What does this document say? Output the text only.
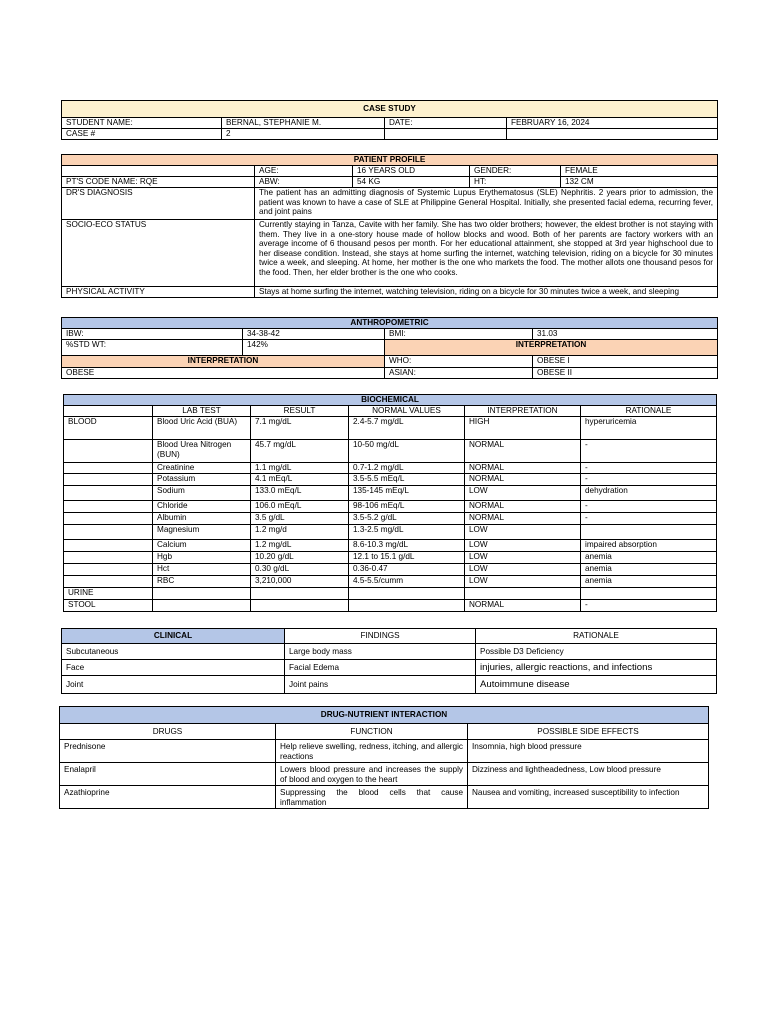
CASE STUDY			
STUDENT NAME:	BERNAL, STEPHANIE M.	DATE:	FEBRUARY 16, 2024
CASE #	2		
PATIENT PROFILE				
	AGE:	16 YEARS OLD	GENDER:	FEMALE
PT'S CODE NAME: RQE	ABW:	54 KG	HT:	132 CM
DR'S DIAGNOSIS	The patient has an admitting diagnosis of Systemic Lupus Erythematosus (SLE) Nephritis. 2 years prior to admission, the patient was known to have a case of SLE at Philippine General Hospital. Initially, she presented facial edema, recurring fever, and joint pains			
SOCIO-ECO STATUS	Currently staying in Tanza, Cavite with her family. She has two older brothers; however, the eldest brother is not staying with them. They live in a one-story house made of hollow blocks and wood. Both of her parents are factory workers with an average income of 6 thousand pesos per month. For her educational attainment, she stopped at 3rd year highschool due to her disease condition. Instead, she stays at home surfing the internet, watching television, riding on a bicycle for 30 minutes twice a week, and sleeping. At home, her mother is the one who markets the food. The mother allots one thousand pesos for the food. Then, her elder brother is the one who cooks.			
PHYSICAL ACTIVITY	Stays at home surfing the internet, watching television, riding on a bicycle for 30 minutes twice a week, and sleeping			
ANTHROPOMETRIC			
IBW:	34-38-42	BMI:	31.03
%STD WT:	142%	INTERPRETATION	
INTERPRETATION		WHO:	OBESE I
OBESE		ASIAN:	OBESE II
BIOCHEMICAL					
	LAB TEST	RESULT	NORMAL VALUES	INTERPRETATION	RATIONALE
BLOOD	Blood Uric Acid (BUA)	7.1 mg/dL	2.4-5.7 mg/dL	HIGH	hyperuricemia
	Blood Urea Nitrogen (BUN)	45.7 mg/dL	10-50 mg/dL	NORMAL	-
	Creatinine	1.1 mg/dL	0.7-1.2 mg/dL	NORMAL	-
	Potassium	4.1 mEq/L	3.5-5.5 mEq/L	NORMAL	-
	Sodium	133.0 mEq/L	135-145 mEq/L	LOW	dehydration
	Chloride	106.0 mEq/L	98-106 mEq/L	NORMAL	-
	Albumin	3.5 g/dL	3.5-5.2 g/dL	NORMAL	-
	Magnesium	1.2 mg/d	1.3-2.5 mg/dL	LOW	
	Calcium	1.2 mg/dL	8.6-10.3 mg/dL	LOW	impaired absorption
	Hgb	10.20 g/dL	12.1 to 15.1 g/dL	LOW	anemia
	Hct	0.30 g/dL	0.36-0.47	LOW	anemia
	RBC	3,210,000	4.5-5.5/cumm	LOW	anemia
URINE					
STOOL				NORMAL	-
CLINICAL	FINDINGS	RATIONALE
Subcutaneous	Large body mass	Possible D3 Deficiency
Face	Facial Edema	injuries, allergic reactions, and infections
Joint	Joint pains	Autoimmune disease
DRUG-NUTRIENT INTERACTION		
DRUGS	FUNCTION	POSSIBLE SIDE EFFECTS
Prednisone	Help relieve swelling, redness, itching, and allergic reactions	Insomnia, high blood pressure
Enalapril	Lowers blood pressure and increases the supply of blood and oxygen to the heart	Dizziness and lightheadedness, Low blood pressure
Azathioprine	Suppressing the blood cells that cause inflammation	Nausea and vomiting, increased susceptibility to infection
